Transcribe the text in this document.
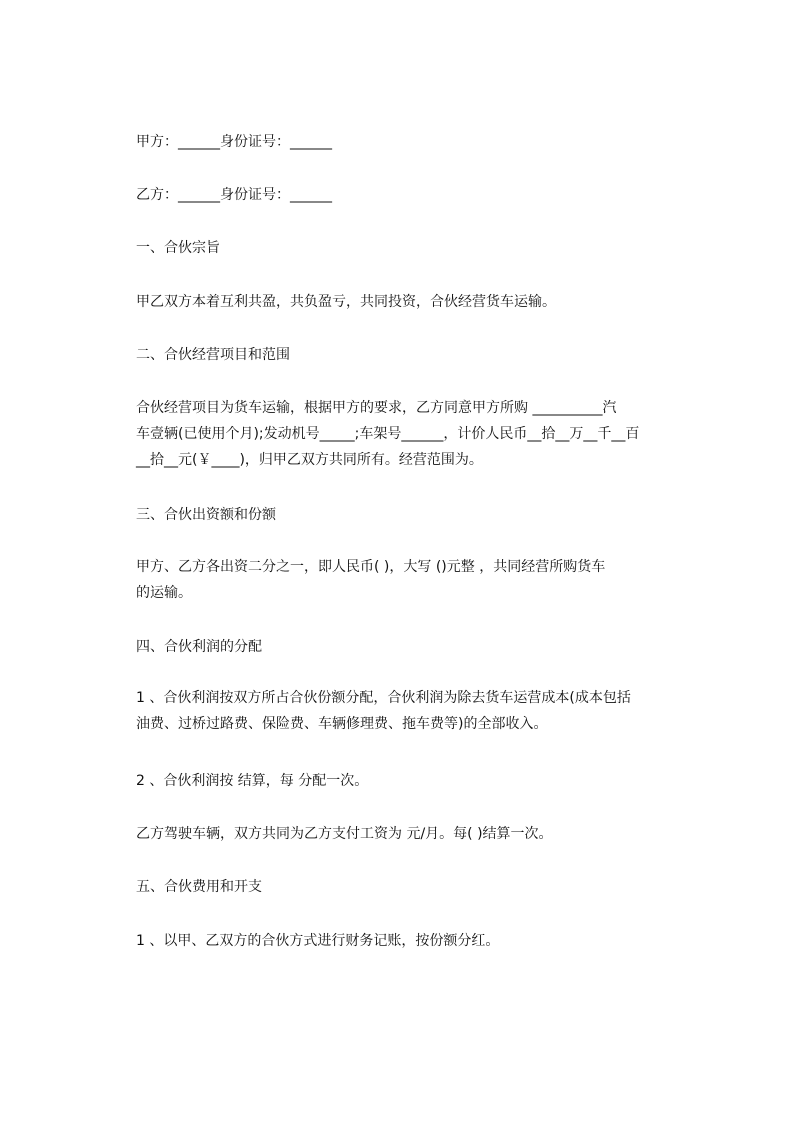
甲方：______身份证号：______
乙方：______身份证号：______
一、合伙宗旨
甲乙双方本着互利共盈，共负盈亏，共同投资，合伙经营货车运输。
二、合伙经营项目和范围
合伙经营项目为货车运输，根据甲方的要求，乙方同意甲方所购 __________汽
车壹辆(已使用个月);发动机号_____;车架号______，计价人民币__拾__万__千__百
__拾__元(￥____)，归甲乙双方共同所有。经营范围为。
三、合伙出资额和份额
甲方、乙方各出资二分之一，即人民币( )，大写 ()元整 ，共同经营所购货车
的运输。
四、合伙利润的分配
1 、合伙利润按双方所占合伙份额分配，合伙利润为除去货车运营成本(成本包括
油费、过桥过路费、保险费、车辆修理费、拖车费等)的全部收入。
2 、合伙利润按 结算，每 分配一次。
乙方驾驶车辆，双方共同为乙方支付工资为 元/月。每( )结算一次。
五、合伙费用和开支
1 、以甲、乙双方的合伙方式进行财务记账，按份额分红。
